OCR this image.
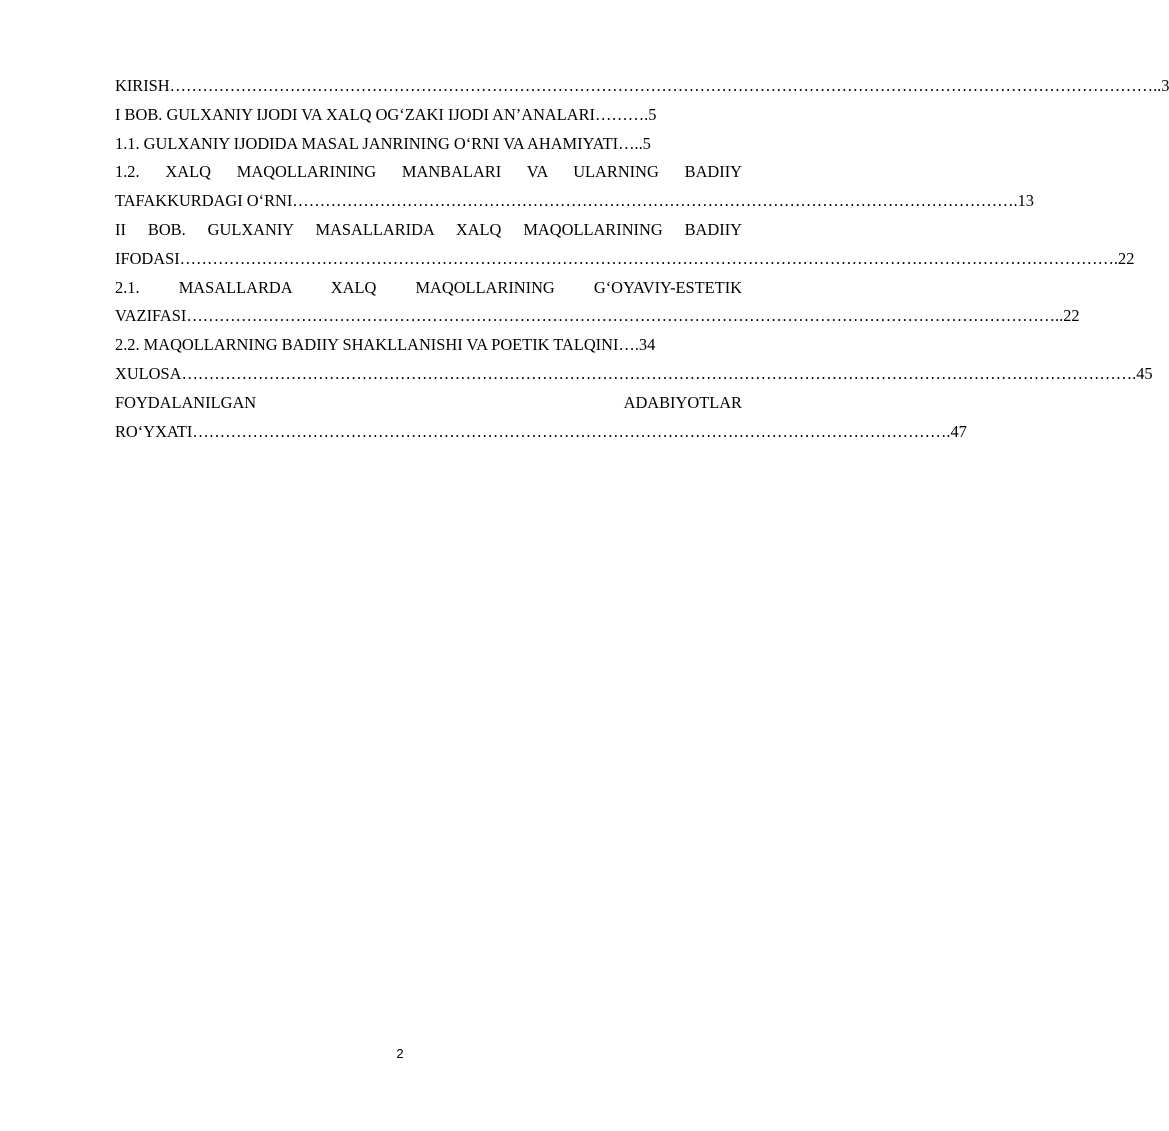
KIRISH………………………………………………………………………………………………………………………………………………………………..3
I BOB. GULXANIY IJODI VA XALQ OG‘ZAKI IJODI AN’ANALARI……….5
1.1. GULXANIY IJODIDA MASAL JANRINING O‘RNI VA AHAMIYATI…..5
1.2. XALQ MAQOLLARINING MANBALARI VA ULARNING BADIIY
TAFAKKURDAGI O‘RNI…………………………………………………………………………………………………………………….13
II BOB. GULXANIY MASALLARIDA XALQ MAQOLLARINING BADIIY
IFODASI……………………………………………………………………………………………………………………………………………………….22
2.1. MASALLARDA XALQ MAQOLLARINING G‘OYAVIY-ESTETIK
VAZIFASI……………………………………………………………………………………………………………………………………………..22
2.2. MAQOLLARNING BADIIY SHAKLLANISHI VA POETIK TALQINI….34
XULOSA………………………………………………………………………………………………………………………………………………………….45
FOYDALANILGAN ADABIYOTLAR
RO‘YXATI………………………………………………………………………………………………………………………….47
2
